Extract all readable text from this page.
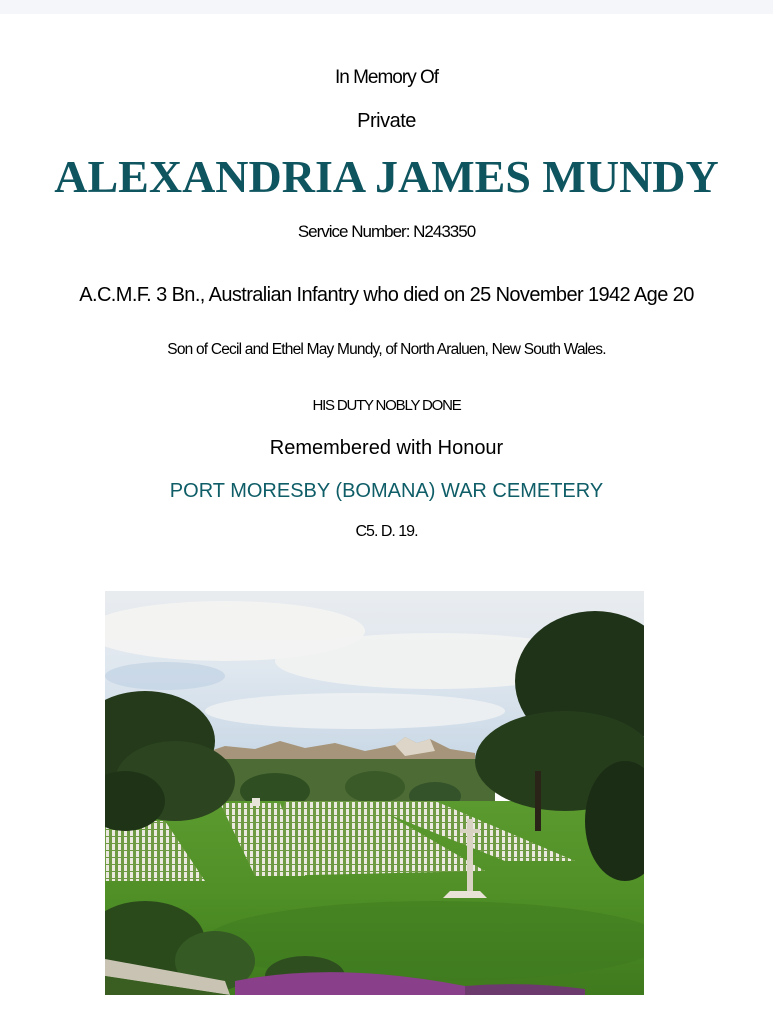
In Memory Of
Private
ALEXANDRIA JAMES MUNDY
Service Number: N243350
A.C.M.F. 3 Bn., Australian Infantry who died on 25 November 1942 Age 20
Son of Cecil and Ethel May Mundy, of North Araluen, New South Wales.
HIS DUTY NOBLY DONE
Remembered with Honour
PORT MORESBY (BOMANA) WAR CEMETERY
C5. D. 19.
